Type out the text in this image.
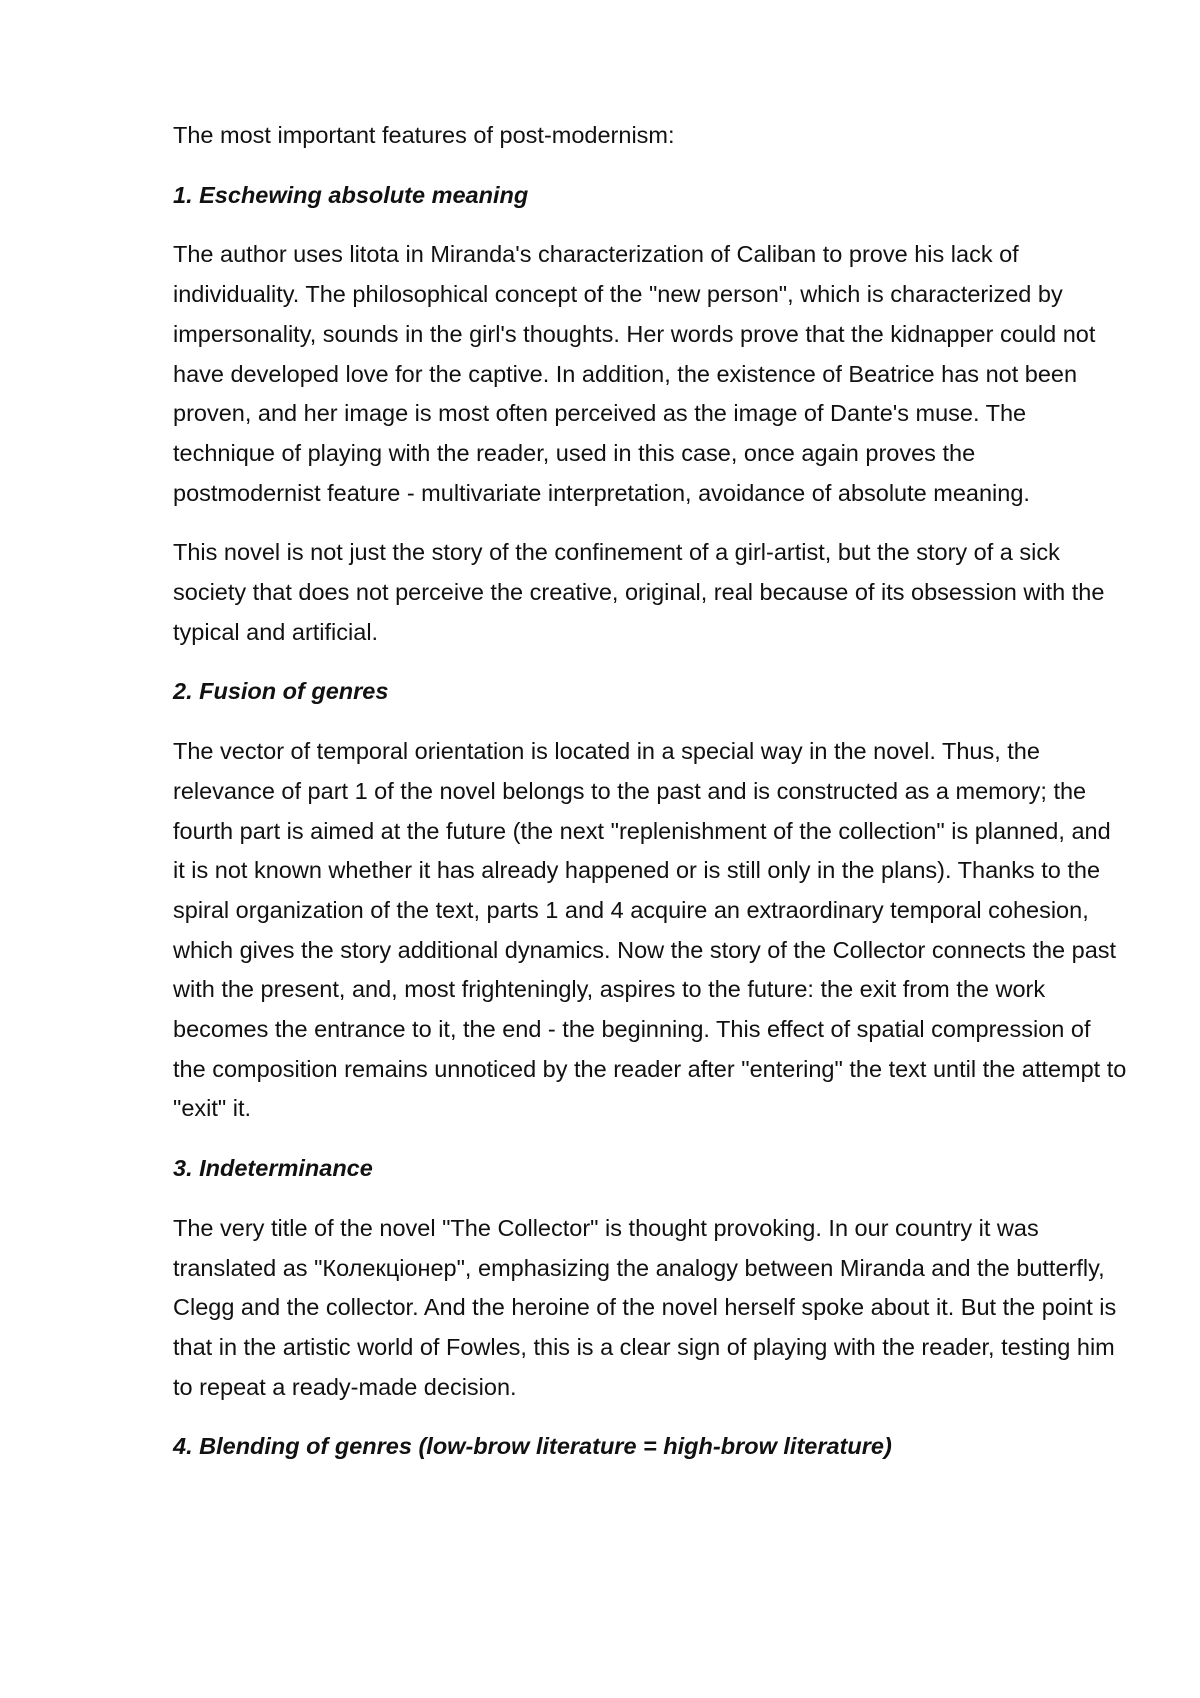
The most important features of post-modernism:

1. Eschewing absolute meaning

The author uses litota in Miranda's characterization of Caliban to prove his lack of individuality. The philosophical concept of the "new person", which is characterized by impersonality, sounds in the girl's thoughts. Her words prove that the kidnapper could not have developed love for the captive. In addition, the existence of Beatrice has not been proven, and her image is most often perceived as the image of Dante's muse. The technique of playing with the reader, used in this case, once again proves the postmodernist feature - multivariate interpretation, avoidance of absolute meaning.

This novel is not just the story of the confinement of a girl-artist, but the story of a sick society that does not perceive the creative, original, real because of its obsession with the typical and artificial.

2. Fusion of genres

The vector of temporal orientation is located in a special way in the novel. Thus, the relevance of part 1 of the novel belongs to the past and is constructed as a memory; the fourth part is aimed at the future (the next "replenishment of the collection" is planned, and it is not known whether it has already happened or is still only in the plans). Thanks to the spiral organization of the text, parts 1 and 4 acquire an extraordinary temporal cohesion, which gives the story additional dynamics. Now the story of the Collector connects the past with the present, and, most frighteningly, aspires to the future: the exit from the work becomes the entrance to it, the end - the beginning. This effect of spatial compression of the composition remains unnoticed by the reader after "entering" the text until the attempt to "exit" it.

3. Indeterminance

The very title of the novel "The Collector" is thought provoking. In our country it was translated as "Колекціонер", emphasizing the analogy between Miranda and the butterfly, Clegg and the collector. And the heroine of the novel herself spoke about it. But the point is that in the artistic world of Fowles, this is a clear sign of playing with the reader, testing him to repeat a ready-made decision.

4. Blending of genres (low-brow literature = high-brow literature)
